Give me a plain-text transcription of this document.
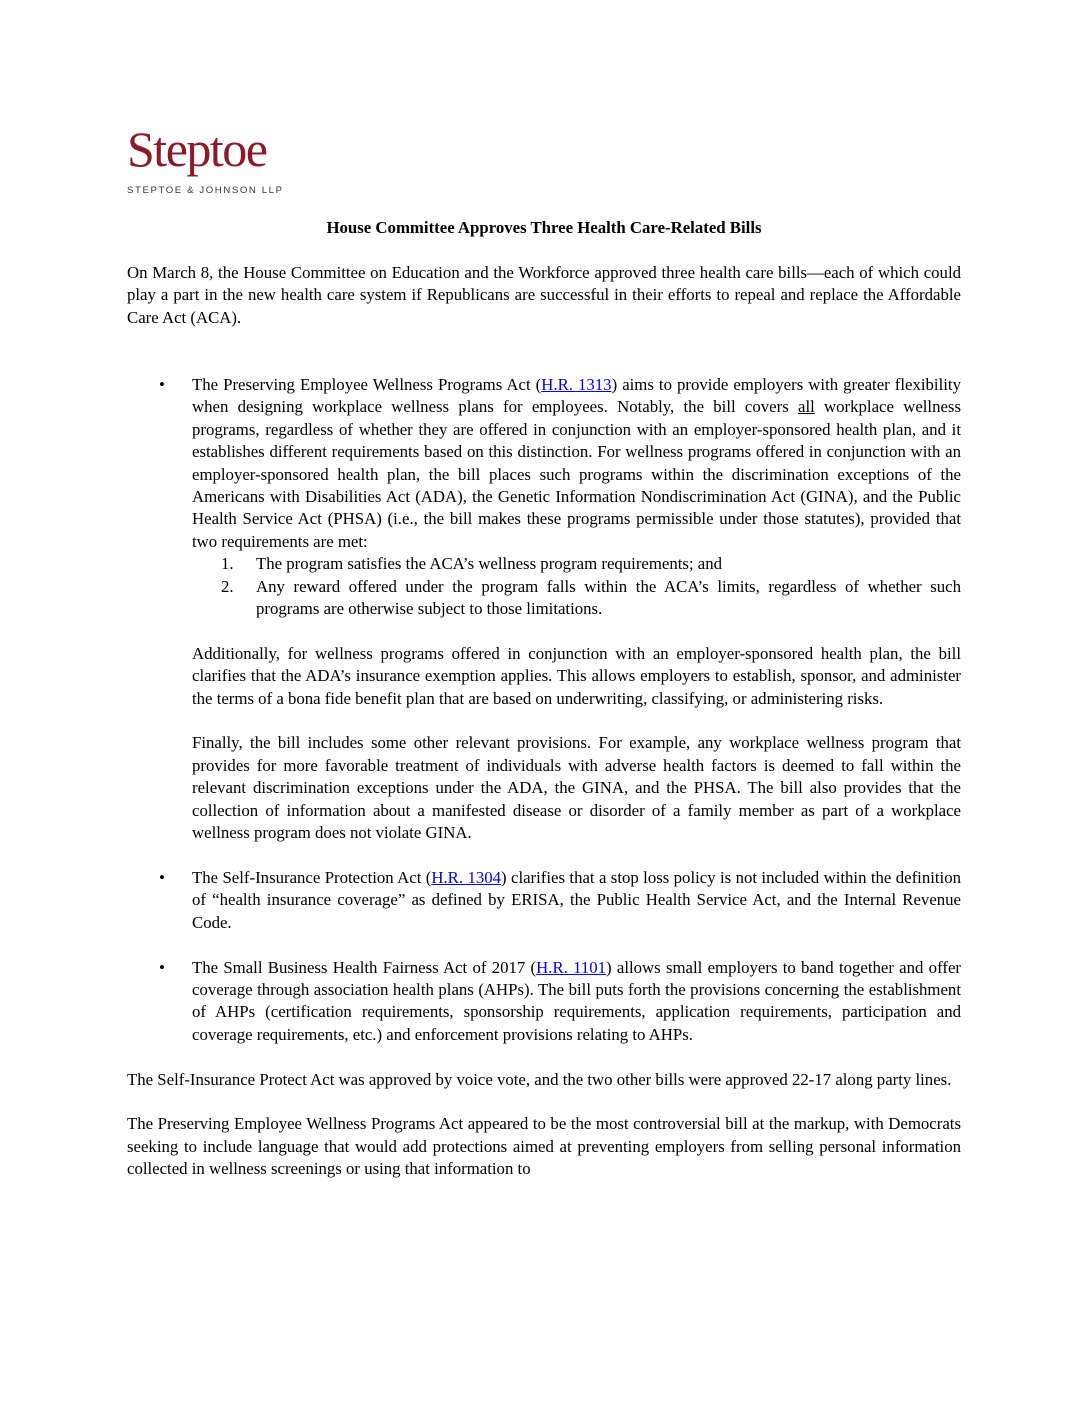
Steptoe
STEPTOE & JOHNSON LLP
House Committee Approves Three Health Care-Related Bills

On March 8, the House Committee on Education and the Workforce approved three health care bills—each of which could play a part in the new health care system if Republicans are successful in their efforts to repeal and replace the Affordable Care Act (ACA).

• The Preserving Employee Wellness Programs Act (H.R. 1313) aims to provide employers with greater flexibility when designing workplace wellness plans for employees. Notably, the bill covers all workplace wellness programs, regardless of whether they are offered in conjunction with an employer-sponsored health plan, and it establishes different requirements based on this distinction. For wellness programs offered in conjunction with an employer-sponsored health plan, the bill places such programs within the discrimination exceptions of the Americans with Disabilities Act (ADA), the Genetic Information Nondiscrimination Act (GINA), and the Public Health Service Act (PHSA) (i.e., the bill makes these programs permissible under those statutes), provided that two requirements are met:

1. The program satisfies the ACA’s wellness program requirements; and

2. Any reward offered under the program falls within the ACA’s limits, regardless of whether such programs are otherwise subject to those limitations.

Additionally, for wellness programs offered in conjunction with an employer-sponsored health plan, the bill clarifies that the ADA’s insurance exemption applies. This allows employers to establish, sponsor, and administer the terms of a bona fide benefit plan that are based on underwriting, classifying, or administering risks.

Finally, the bill includes some other relevant provisions. For example, any workplace wellness program that provides for more favorable treatment of individuals with adverse health factors is deemed to fall within the relevant discrimination exceptions under the ADA, the GINA, and the PHSA. The bill also provides that the collection of information about a manifested disease or disorder of a family member as part of a workplace wellness program does not violate GINA.

• The Self-Insurance Protection Act (H.R. 1304) clarifies that a stop loss policy is not included within the definition of “health insurance coverage” as defined by ERISA, the Public Health Service Act, and the Internal Revenue Code.

• The Small Business Health Fairness Act of 2017 (H.R. 1101) allows small employers to band together and offer coverage through association health plans (AHPs). The bill puts forth the provisions concerning the establishment of AHPs (certification requirements, sponsorship requirements, application requirements, participation and coverage requirements, etc.) and enforcement provisions relating to AHPs.

The Self-Insurance Protect Act was approved by voice vote, and the two other bills were approved 22-17 along party lines.

The Preserving Employee Wellness Programs Act appeared to be the most controversial bill at the markup, with Democrats seeking to include language that would add protections aimed at preventing employers from selling personal information collected in wellness screenings or using that information to
